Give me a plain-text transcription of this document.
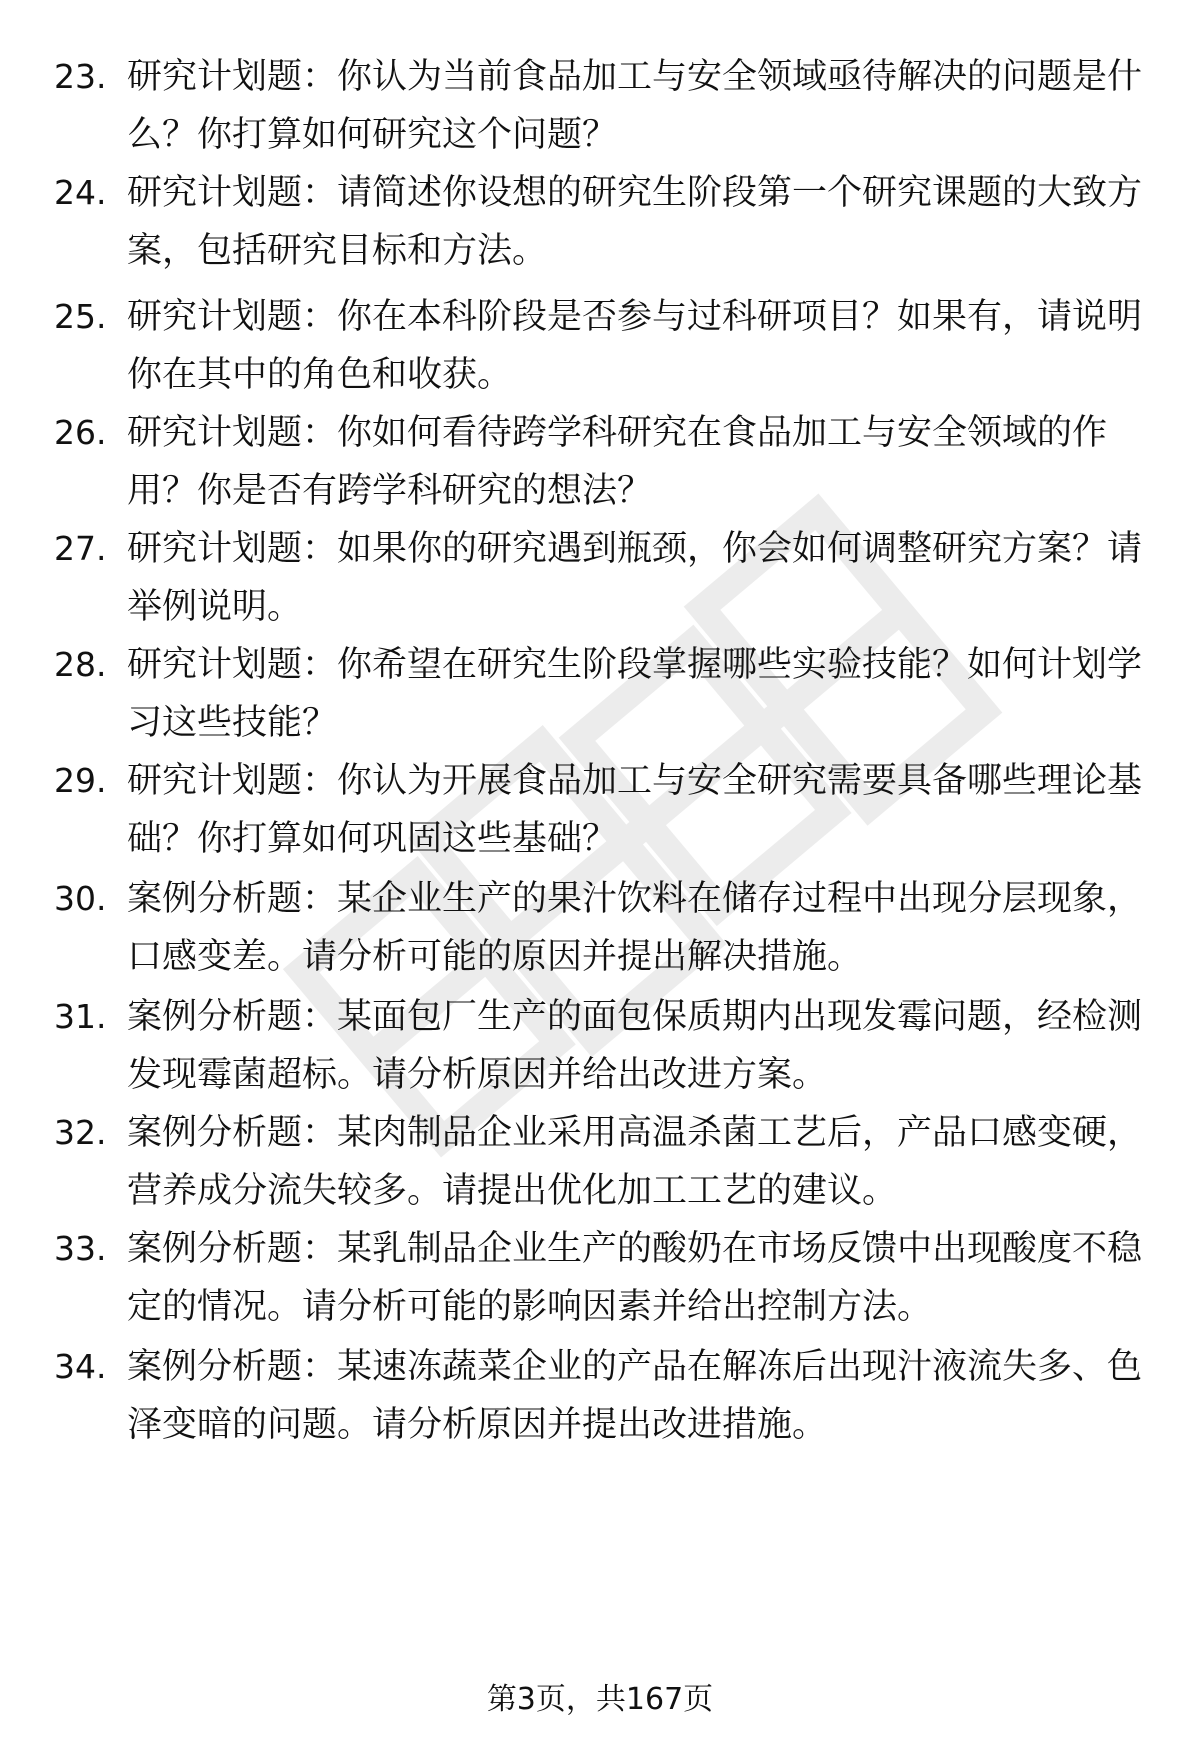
23. 研究计划题：你认为当前食品加工与安全领域亟待解决的问题是什么？你打算如何研究这个问题？
24. 研究计划题：请简述你设想的研究生阶段第一个研究课题的大致方案，包括研究目标和方法。
25. 研究计划题：你在本科阶段是否参与过科研项目？如果有，请说明你在其中的角色和收获。
26. 研究计划题：你如何看待跨学科研究在食品加工与安全领域的作用？你是否有跨学科研究的想法？
27. 研究计划题：如果你的研究遇到瓶颈，你会如何调整研究方案？请举例说明。
28. 研究计划题：你希望在研究生阶段掌握哪些实验技能？如何计划学习这些技能？
29. 研究计划题：你认为开展食品加工与安全研究需要具备哪些理论基础？你打算如何巩固这些基础？
30. 案例分析题：某企业生产的果汁饮料在储存过程中出现分层现象，口感变差。请分析可能的原因并提出解决措施。
31. 案例分析题：某面包厂生产的面包保质期内出现发霉问题，经检测发现霉菌超标。请分析原因并给出改进方案。
32. 案例分析题：某肉制品企业采用高温杀菌工艺后，产品口感变硬，营养成分流失较多。请提出优化加工工艺的建议。
33. 案例分析题：某乳制品企业生产的酸奶在市场反馈中出现酸度不稳定的情况。请分析可能的影响因素并给出控制方法。
34. 案例分析题：某速冻蔬菜企业的产品在解冻后出现汁液流失多、色泽变暗的问题。请分析原因并提出改进措施。
第3页，共167页
